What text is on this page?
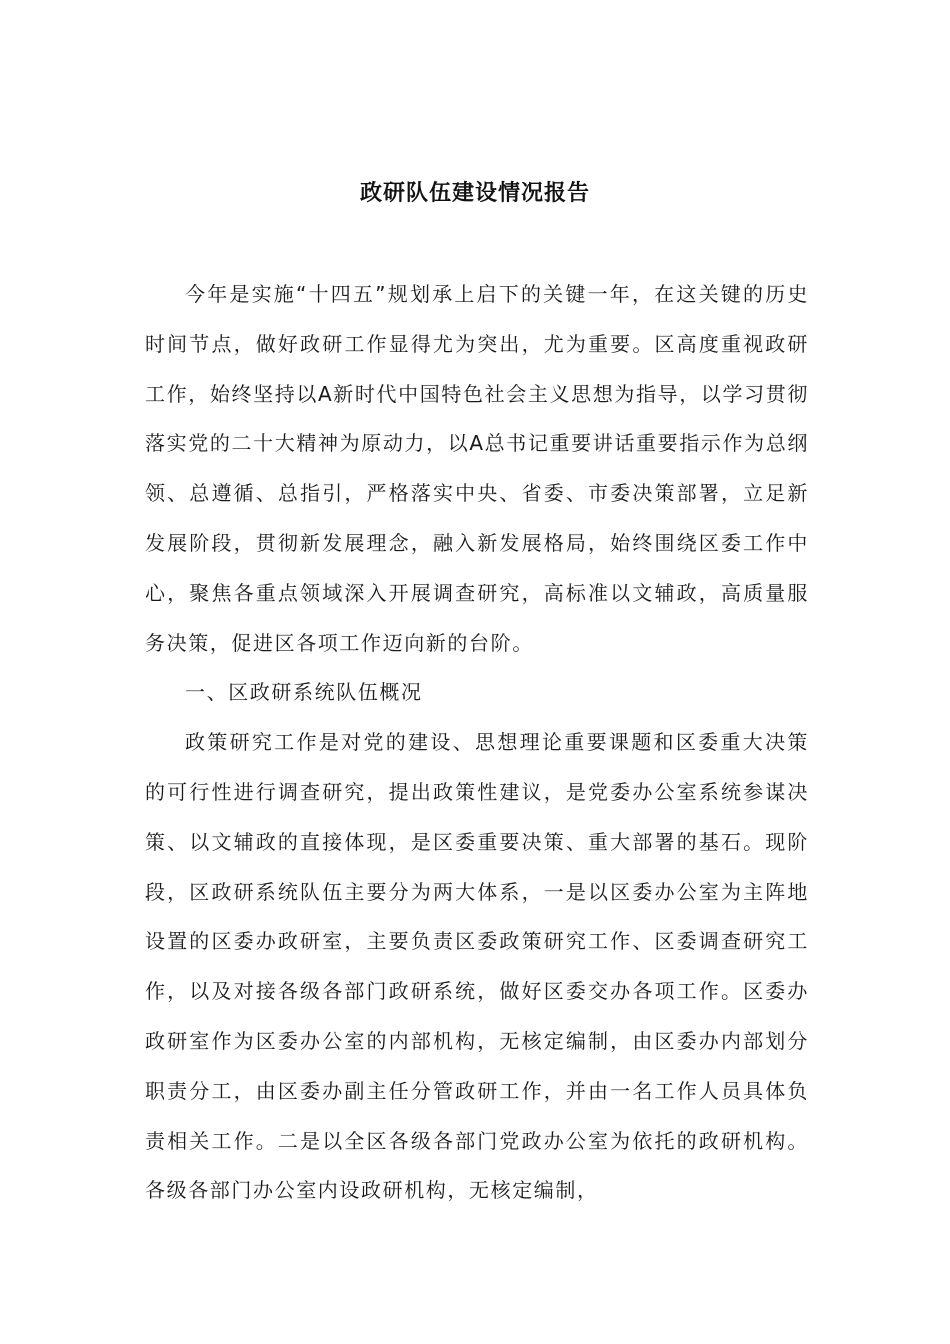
政研队伍建设情况报告

今年是实施“十四五”规划承上启下的关键一年，在这关键的历史时间节点，做好政研工作显得尤为突出，尤为重要。区高度重视政研工作，始终坚持以A新时代中国特色社会主义思想为指导，以学习贯彻落实党的二十大精神为原动力，以A总书记重要讲话重要指示作为总纲领、总遵循、总指引，严格落实中央、省委、市委决策部署，立足新发展阶段，贯彻新发展理念，融入新发展格局，始终围绕区委工作中心，聚焦各重点领域深入开展调查研究，高标准以文辅政，高质量服务决策，促进区各项工作迈向新的台阶。

一、区政研系统队伍概况

政策研究工作是对党的建设、思想理论重要课题和区委重大决策的可行性进行调查研究，提出政策性建议，是党委办公室系统参谋决策、以文辅政的直接体现，是区委重要决策、重大部署的基石。现阶段，区政研系统队伍主要分为两大体系，一是以区委办公室为主阵地设置的区委办政研室，主要负责区委政策研究工作、区委调查研究工作，以及对接各级各部门政研系统，做好区委交办各项工作。区委办政研室作为区委办公室的内部机构，无核定编制，由区委办内部划分职责分工，由区委办副主任分管政研工作，并由一名工作人员具体负责相关工作。二是以全区各级各部门党政办公室为依托的政研机构。各级各部门办公室内设政研机构，无核定编制，
